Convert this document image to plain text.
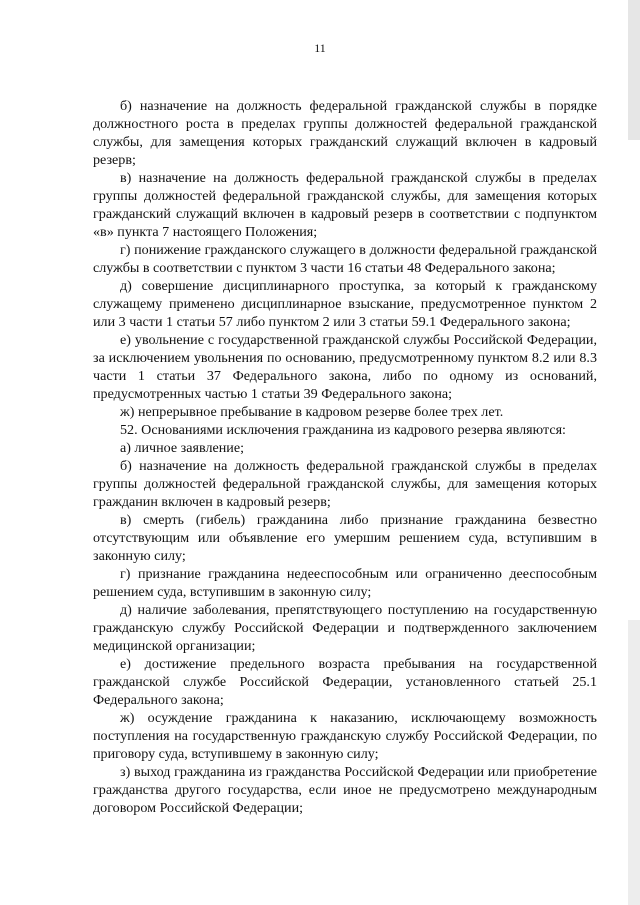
11

б) назначение на должность федеральной гражданской службы в порядке должностного роста в пределах группы должностей федеральной гражданской службы, для замещения которых гражданский служащий включен в кадровый резерв;

в) назначение на должность федеральной гражданской службы в пределах группы должностей федеральной гражданской службы, для замещения которых гражданский служащий включен в кадровый резерв в соответствии с подпунктом «в» пункта 7 настоящего Положения;

г) понижение гражданского служащего в должности федеральной гражданской службы в соответствии с пунктом 3 части 16 статьи 48 Федерального закона;

д) совершение дисциплинарного проступка, за который к гражданскому служащему применено дисциплинарное взыскание, предусмотренное пунктом 2 или 3 части 1 статьи 57 либо пунктом 2 или 3 статьи 59.1 Федерального закона;

е) увольнение с государственной гражданской службы Российской Федерации, за исключением увольнения по основанию, предусмотренному пунктом 8.2 или 8.3 части 1 статьи 37 Федерального закона, либо по одному из оснований, предусмотренных частью 1 статьи 39 Федерального закона;

ж) непрерывное пребывание в кадровом резерве более трех лет.

52. Основаниями исключения гражданина из кадрового резерва являются:

а) личное заявление;

б) назначение на должность федеральной гражданской службы в пределах группы должностей федеральной гражданской службы, для замещения которых гражданин включен в кадровый резерв;

в) смерть (гибель) гражданина либо признание гражданина безвестно отсутствующим или объявление его умершим решением суда, вступившим в законную силу;

г) признание гражданина недееспособным или ограниченно дееспособным решением суда, вступившим в законную силу;

д) наличие заболевания, препятствующего поступлению на государственную гражданскую службу Российской Федерации и подтвержденного заключением медицинской организации;

е) достижение предельного возраста пребывания на государственной гражданской службе Российской Федерации, установленного статьей 25.1 Федерального закона;

ж) осуждение гражданина к наказанию, исключающему возможность поступления на государственную гражданскую службу Российской Федерации, по приговору суда, вступившему в законную силу;

з) выход гражданина из гражданства Российской Федерации или приобретение гражданства другого государства, если иное не предусмотрено международным договором Российской Федерации;
